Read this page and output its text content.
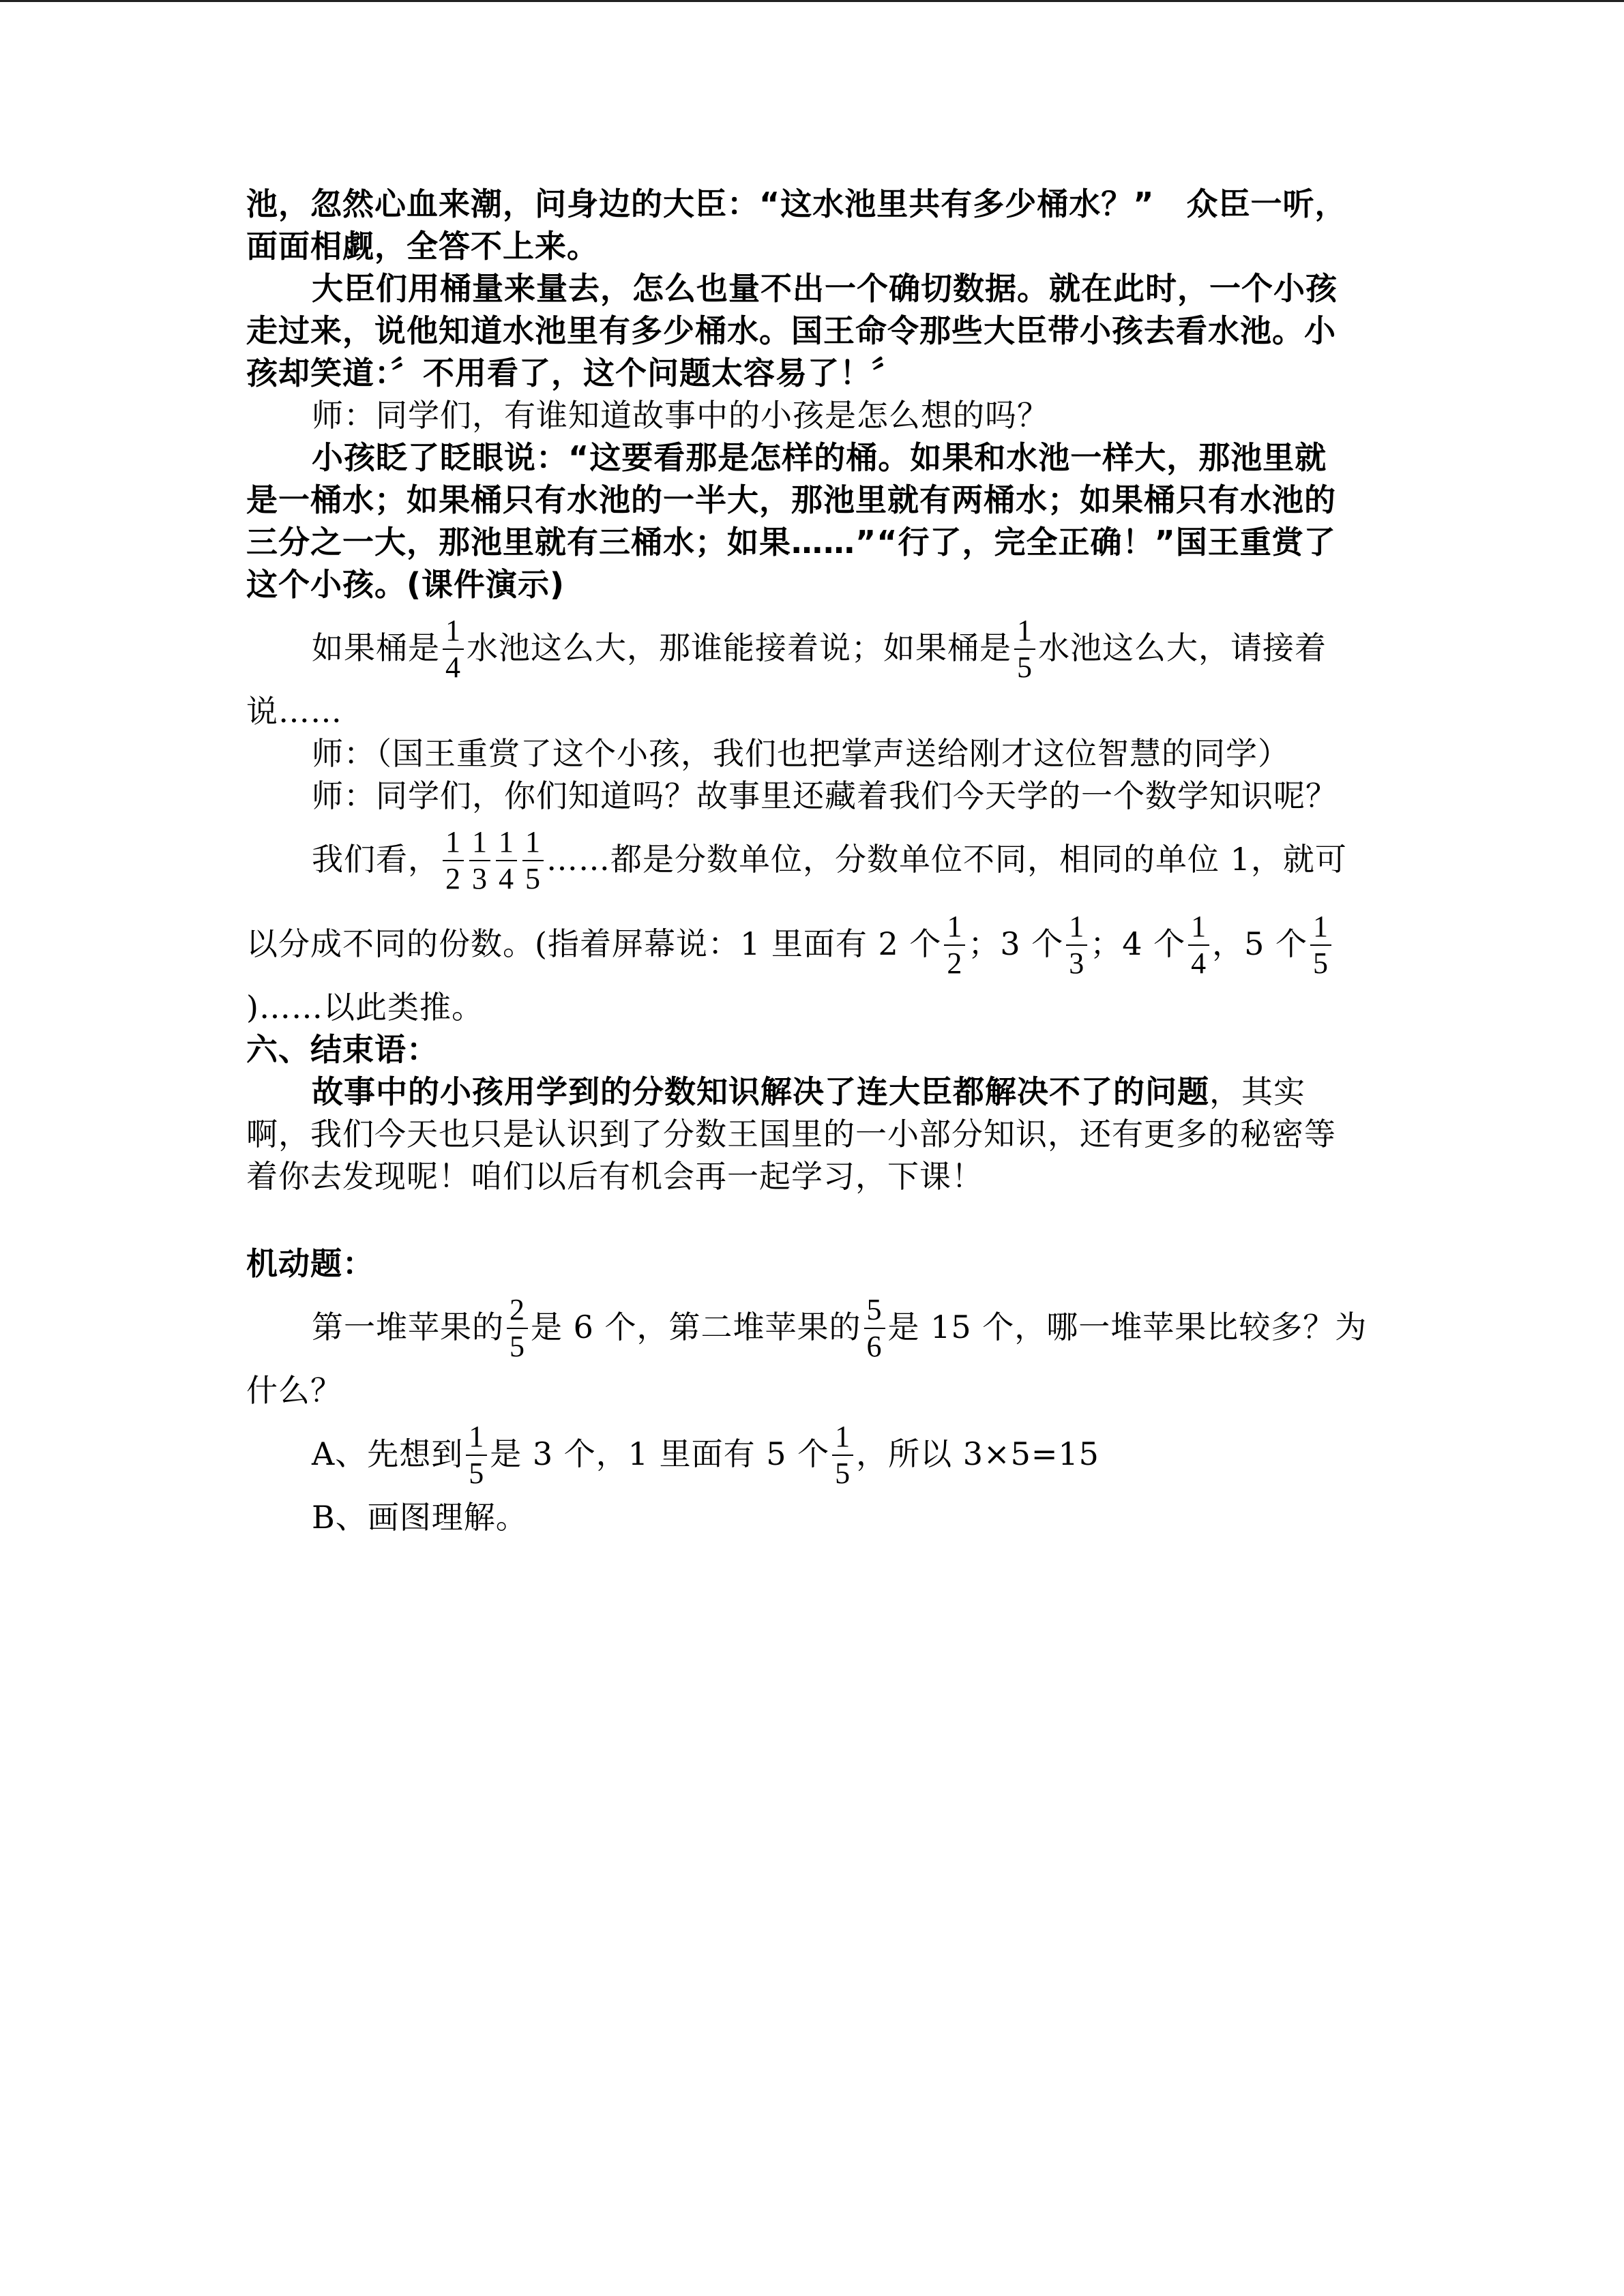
池，忽然心血来潮，问身边的大臣：“这水池里共有多少桶水？”　众臣一听，

面面相觑，全答不上来。

大臣们用桶量来量去，怎么也量不出一个确切数据。就在此时，一个小孩

走过来，说他知道水池里有多少桶水。国王命令那些大臣带小孩去看水池。小

孩却笑道：〞不用看了，这个问题太容易了！〞

师：同学们，有谁知道故事中的小孩是怎么想的吗？

小孩眨了眨眼说：“这要看那是怎样的桶。如果和水池一样大，那池里就

是一桶水；如果桶只有水池的一半大，那池里就有两桶水；如果桶只有水池的

三分之一大，那池里就有三桶水；如果……”“行了，完全正确！”国王重赏了

这个小孩。(课件演示)

如果桶是 $\frac{1}{4}$ 水池这么大，那谁能接着说；如果桶是 $\frac{1}{5}$ 水池这么大，请接着

说……

师：（国王重赏了这个小孩，我们也把掌声送给刚才这位智慧的同学）

师：同学们，你们知道吗？故事里还藏着我们今天学的一个数学知识呢？

我们看， $\frac{1}{2} \frac{1}{3} \frac{1}{4} \frac{1}{5}$ ……都是分数单位，分数单位不同，相同的单位 1，就可

以分成不同的份数。(指着屏幕说：1 里面有 2 个 $\frac{1}{2}$ ；3 个 $\frac{1}{3}$ ；4 个 $\frac{1}{4}$ ，5 个 $\frac{1}{5}$

)……以此类推。

六、结束语：

故事中的小孩用学到的分数知识解决了连大臣都解决不了的问题，其实

啊，我们今天也只是认识到了分数王国里的一小部分知识，还有更多的秘密等

着你去发现呢！咱们以后有机会再一起学习，下课！

机动题：

第一堆苹果的 $\frac{2}{5}$ 是 6 个，第二堆苹果的 $\frac{5}{6}$ 是 15 个，哪一堆苹果比较多？为

什么？

A、先想到 $\frac{1}{5}$ 是 3 个，1 里面有 5 个 $\frac{1}{5}$ ，所以 3×5=15

B、画图理解。
